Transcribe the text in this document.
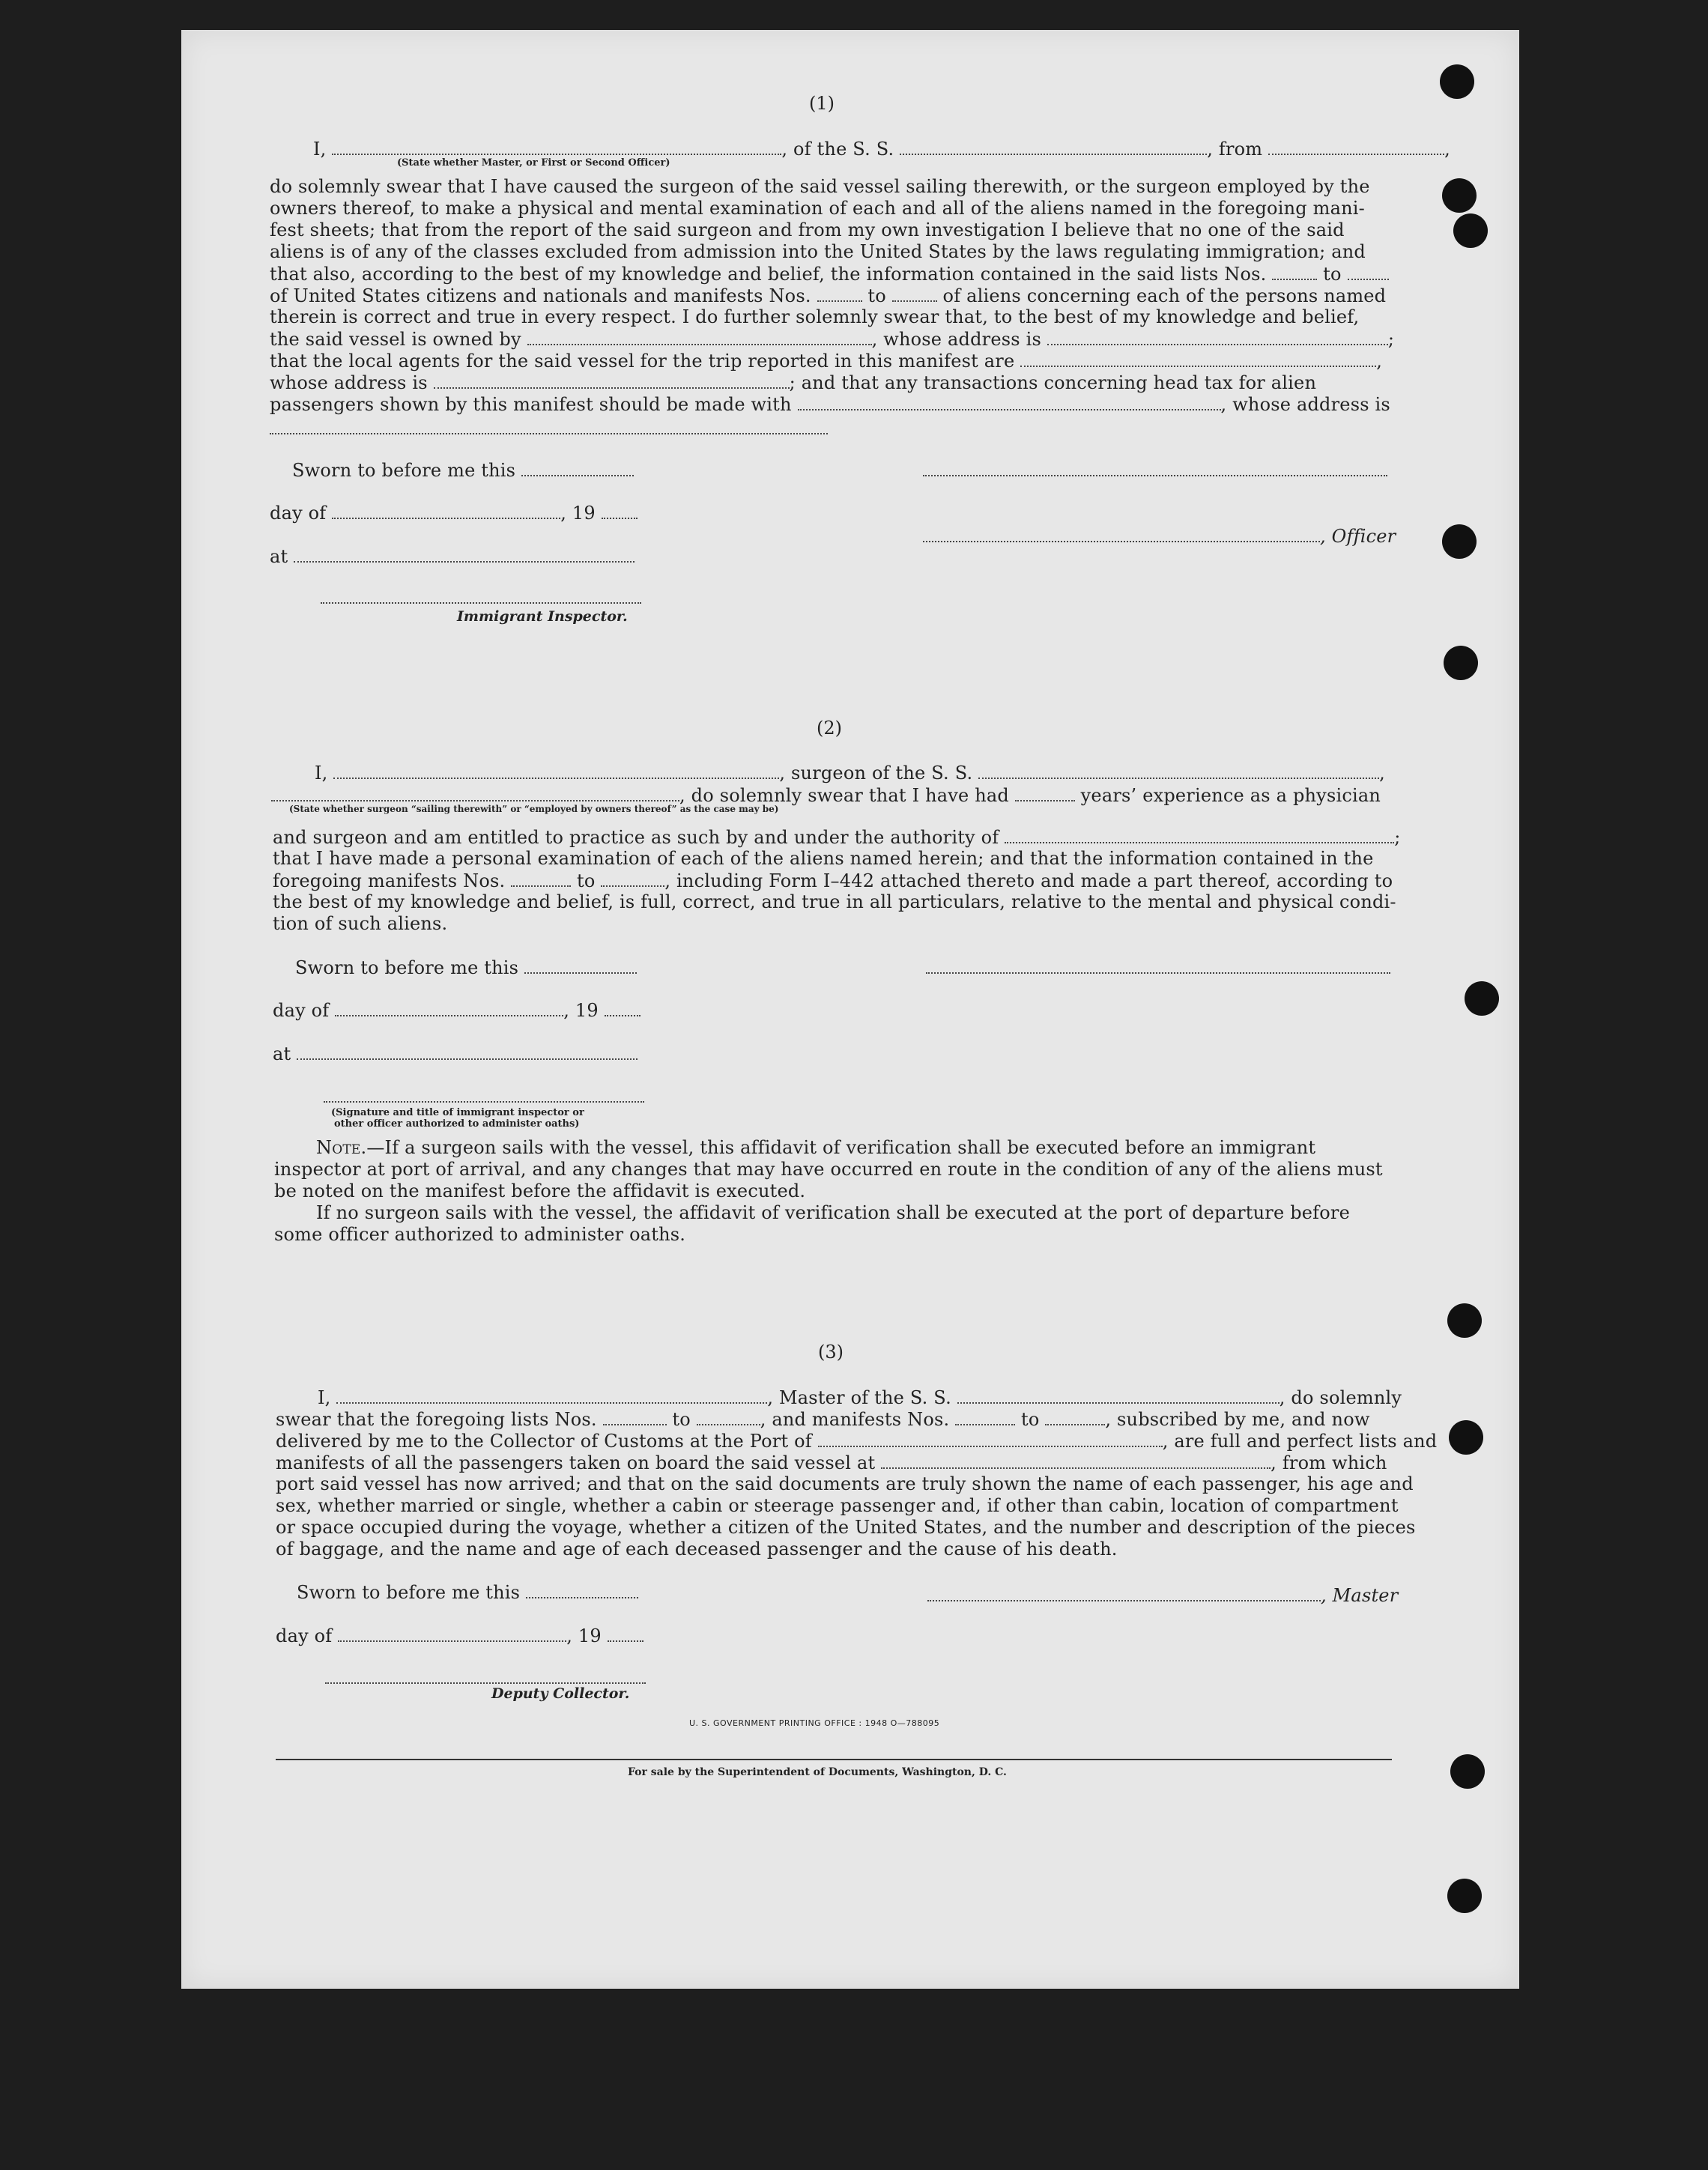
(1)
I,	, of the S. S.	, from	,
(State whether Master, or First or Second Officer)
do solemnly swear that I have caused the surgeon of the said vessel sailing therewith, or the surgeon employed by the
owners thereof, to make a physical and mental examination of each and all of the aliens named in the foregoing mani-
fest sheets; that from the report of the said surgeon and from my own investigation I believe that no one of the said
aliens is of any of the classes excluded from admission into the United States by the laws regulating immigration; and
that also, according to the best of my knowledge and belief, the information contained in the said lists Nos.	to
of United States citizens and nationals and manifests Nos.	to	of aliens concerning each of the persons named
therein is correct and true in every respect. I do further solemnly swear that, to the best of my knowledge and belief,
the said vessel is owned by	, whose address is	;
that the local agents for the said vessel for the trip reported in this manifest are	,
whose address is	; and that any transactions concerning head tax for alien
passengers shown by this manifest should be made with	, whose address is
Sworn to before me this
day of	, 19
, Officer
at
Immigrant Inspector.
(2)
I,	, surgeon of the S. S.	,
, do solemnly swear that I have had	years’ experience as a physician
(State whether surgeon “sailing therewith” or “employed by owners thereof” as the case may be)
and surgeon and am entitled to practice as such by and under the authority of	;
that I have made a personal examination of each of the aliens named herein; and that the information contained in the
foregoing manifests Nos.	to	, including Form I–442 attached thereto and made a part thereof, according to
the best of my knowledge and belief, is full, correct, and true in all particulars, relative to the mental and physical condi-
tion of such aliens.
Sworn to before me this
day of	, 19
at
(Signature and title of immigrant inspector or
other officer authorized to administer oaths)
Note.—If a surgeon sails with the vessel, this affidavit of verification shall be executed before an immigrant
inspector at port of arrival, and any changes that may have occurred en route in the condition of any of the aliens must
be noted on the manifest before the affidavit is executed.
If no surgeon sails with the vessel, the affidavit of verification shall be executed at the port of departure before
some officer authorized to administer oaths.
(3)
I,	, Master of the S. S.	, do solemnly
swear that the foregoing lists Nos.	to	, and manifests Nos.	to	, subscribed by me, and now
delivered by me to the Collector of Customs at the Port of	, are full and perfect lists and
manifests of all the passengers taken on board the said vessel at	, from which
port said vessel has now arrived; and that on the said documents are truly shown the name of each passenger, his age and
sex, whether married or single, whether a cabin or steerage passenger and, if other than cabin, location of compartment
or space occupied during the voyage, whether a citizen of the United States, and the number and description of the pieces
of baggage, and the name and age of each deceased passenger and the cause of his death.
Sworn to before me this	, Master
day of	, 19
Deputy Collector.
U. S. GOVERNMENT PRINTING OFFICE : 1948 O—788095
For sale by the Superintendent of Documents, Washington, D. C.
